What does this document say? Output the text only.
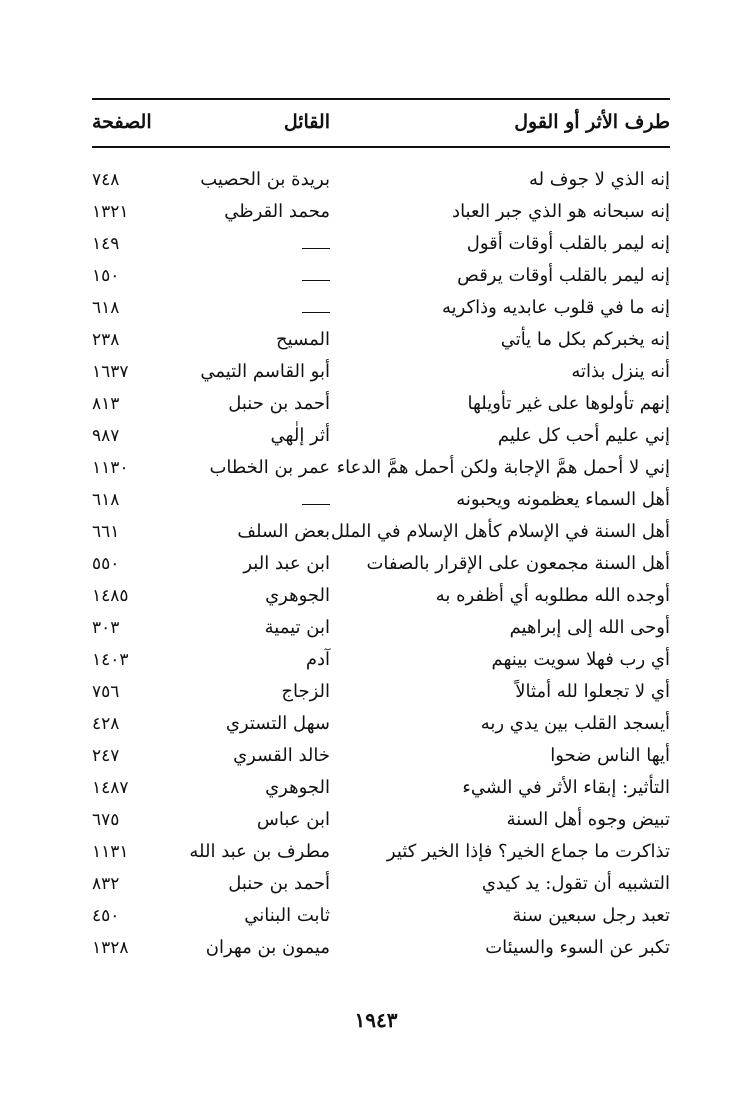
طرف الأثر أو القول
القائل
الصفحة
إنه الذي لا جوف له
بريدة بن الحصيب
٧٤٨
إنه سبحانه هو الذي جبر العباد
محمد القرظي
١٣٢١
إنه ليمر بالقلب أوقات أقول
١٤٩
إنه ليمر بالقلب أوقات يرقص
١٥٠
إنه ما في قلوب عابديه وذاكريه
٦١٨
إنه يخبركم بكل ما يأتي
المسيح
٢٣٨
أنه ينزل بذاته
أبو القاسم التيمي
١٦٣٧
إنهم تأولوها على غير تأويلها
أحمد بن حنبل
٨١٣
إني عليم أحب كل عليم
أثر إلٰهي
٩٨٧
إني لا أحمل همَّ الإجابة ولكن أحمل همَّ الدعاء
عمر بن الخطاب
١١٣٠
أهل السماء يعظمونه ويحبونه
٦١٨
أهل السنة في الإسلام كأهل الإسلام في الملل
بعض السلف
٦٦١
أهل السنة مجمعون على الإقرار بالصفات
ابن عبد البر
٥٥٠
أوجده الله مطلوبه أي أظفره به
الجوهري
١٤٨٥
أوحى الله إلى إبراهيم
ابن تيمية
٣٠٣
أي رب فهلا سويت بينهم
آدم
١٤٠٣
أي لا تجعلوا لله أمثالاً
الزجاج
٧٥٦
أيسجد القلب بين يدي ربه
سهل التستري
٤٢٨
أيها الناس ضحوا
خالد القسري
٢٤٧
التأثير: إبقاء الأثر في الشيء
الجوهري
١٤٨٧
تبيض وجوه أهل السنة
ابن عباس
٦٧٥
تذاكرت ما جماع الخير؟ فإذا الخير كثير
مطرف بن عبد الله
١١٣١
التشبيه أن تقول: يد كيدي
أحمد بن حنبل
٨٣٢
تعبد رجل سبعين سنة
ثابت البناني
٤٥٠
تكبر عن السوء والسيئات
ميمون بن مهران
١٣٢٨
١٩٤٣
